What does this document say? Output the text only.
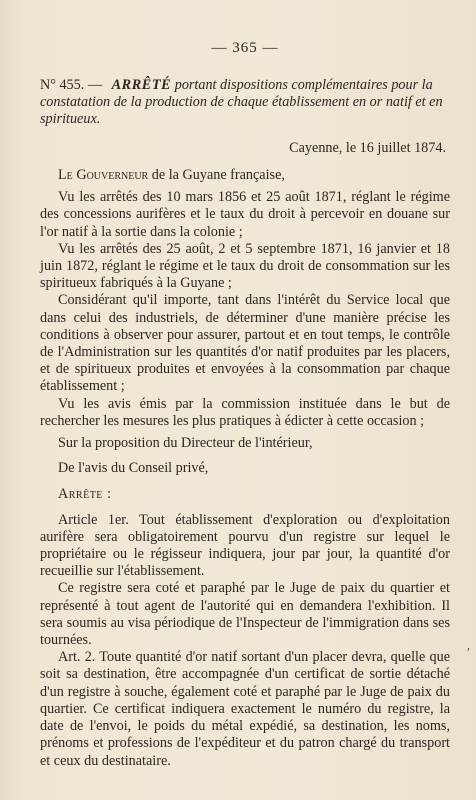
— 365 —
N° 455. — ARRÊTÉ portant dispositions complémentaires pour la constatation de la production de chaque établissement en or natif et en spiritueux.
Cayenne, le 16 juillet 1874.

Le Gouverneur de la Guyane française,

Vu les arrêtés des 10 mars 1856 et 25 août 1871, réglant le régime des concessions aurifères et le taux du droit à percevoir en douane sur l'or natif à la sortie dans la colonie ;

Vu les arrêtés des 25 août, 2 et 5 septembre 1871, 16 janvier et 18 juin 1872, réglant le régime et le taux du droit de consommation sur les spiritueux fabriqués à la Guyane ;

Considérant qu'il importe, tant dans l'intérêt du Service local que dans celui des industriels, de déterminer d'une manière précise les conditions à observer pour assurer, partout et en tout temps, le contrôle de l'Administration sur les quantités d'or natif produites par les placers, et de spiritueux produites et envoyées à la consommation par chaque établissement ;

Vu les avis émis par la commission instituée dans le but de rechercher les mesures les plus pratiques à édicter à cette occasion ;

Sur la proposition du Directeur de l'intérieur,

De l'avis du Conseil privé,

Arrête :

Article 1er. Tout établissement d'exploration ou d'exploitation aurifère sera obligatoirement pourvu d'un registre sur lequel le propriétaire ou le régisseur indiquera, jour par jour, la quantité d'or recueillie sur l'établissement.

Ce registre sera coté et paraphé par le Juge de paix du quartier et représenté à tout agent de l'autorité qui en demandera l'exhibition. Il sera soumis au visa périodique de l'Inspecteur de l'immigration dans ses tournées.

Art. 2. Toute quantité d'or natif sortant d'un placer devra, quelle que soit sa destination, être accompagnée d'un certificat de sortie détaché d'un registre à souche, également coté et paraphé par le Juge de paix du quartier. Ce certificat indiquera exactement le numéro du registre, la date de l'envoi, le poids du métal expédié, sa destination, les noms, prénoms et professions de l'expéditeur et du patron chargé du transport et ceux du destinataire.

′
